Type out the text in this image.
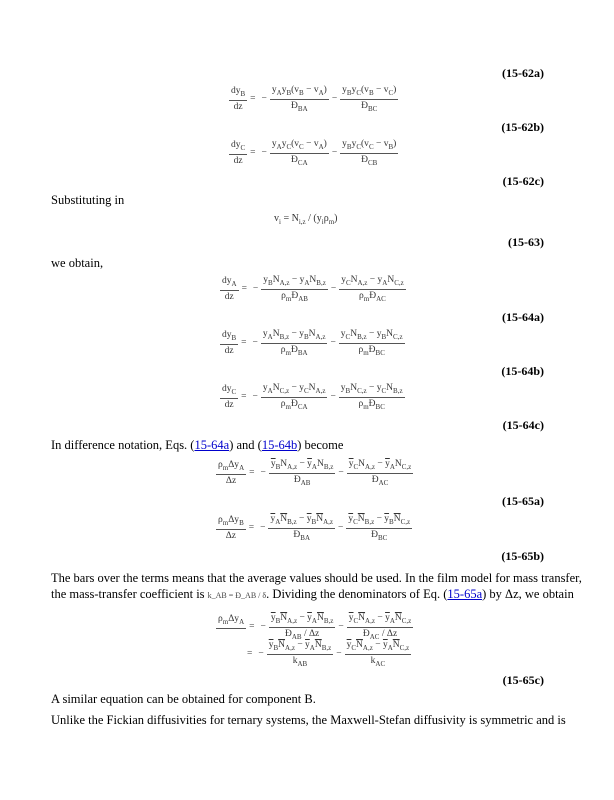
(15-62a)
(15-62b)
(15-62c)
(15-63)
(15-64a)
(15-64b)
(15-64c)
(15-65a)
(15-65b)
(15-65c)
$\frac{dy_B}{dz}$ = − $\frac{y_Ay_B(v_B - v_A)}{Đ_{BA}} - \frac{y_By_C(v_B - v_C)}{Đ_{BC}}$
$\frac{dy_C}{dz}$ = − $\frac{y_Ay_C(v_C - v_A)}{Đ_{CA}} - \frac{y_By_C(v_C - v_B)}{Đ_{CB}}$
Substituting in
$v_i = N_{i,z} / (y_i\rho_m)$
we obtain,
$\frac{dy_A}{dz}$ = − $\frac{y_BN_{A,z} - y_AN_{B,z}}{\rho_mĐ_{AB}} - \frac{y_CN_{A,z} - y_AN_{C,z}}{\rho_mĐ_{AC}}$
$\frac{dy_B}{dz}$ = − $\frac{y_AN_{B,z} - y_BN_{A,z}}{\rho_mĐ_{BA}} - \frac{y_CN_{B,z} - y_BN_{C,z}}{\rho_mĐ_{BC}}$
$\frac{dy_C}{dz}$ = − $\frac{y_AN_{C,z} - y_CN_{A,z}}{\rho_mĐ_{CA}} - \frac{y_BN_{C,z} - y_CN_{B,z}}{\rho_mĐ_{BC}}$
In difference notation, Eqs. (15-64a) and (15-64b) become
$\frac{\rho_m\Delta y_A}{\Delta z}$ = − $\frac{\overline{y}_BN_{A,z} - \overline{y}_AN_{B,z}}{Đ_{AB}} - \frac{\overline{y}_CN_{A,z} - \overline{y}_AN_{C,z}}{Đ_{AC}}$
$\frac{\rho_m\Delta y_B}{\Delta z}$ = − $\frac{\overline{y}_A\overline{N}_{B,z} - \overline{y}_B\overline{N}_{A,z}}{Đ_{BA}} - \frac{\overline{y}_C\overline{N}_{B,z} - \overline{y}_B\overline{N}_{C,z}}{Đ_{BC}}$
The bars over the terms means that the average values should be used. In the film model for mass transfer,
the mass-transfer coefficient is k_AB = Đ_AB / δ. Dividing the denominators of Eq. (15-65a) by Δz, we obtain
$\rho_m\Delta y_A$

= − $\frac{\overline{y}_B\overline{N}_{A,z} - \overline{y}_A\overline{N}_{B,z}}{Đ_{AB} / \Delta z} - \frac{\overline{y}_C\overline{N}_{A,z} - \overline{y}_A\overline{N}_{C,z}}{Đ_{AC} / \Delta z}$
= − $\frac{\overline{y}_B\overline{N}_{A,z} - \overline{y}_A\overline{N}_{B,z}}{k_{AB}} - \frac{\overline{y}_C\overline{N}_{A,z} - \overline{y}_A\overline{N}_{C,z}}{k_{AC}}$
A similar equation can be obtained for component B.
Unlike the Fickian diffusivities for ternary systems, the Maxwell-Stefan diffusivity is symmetric and is
